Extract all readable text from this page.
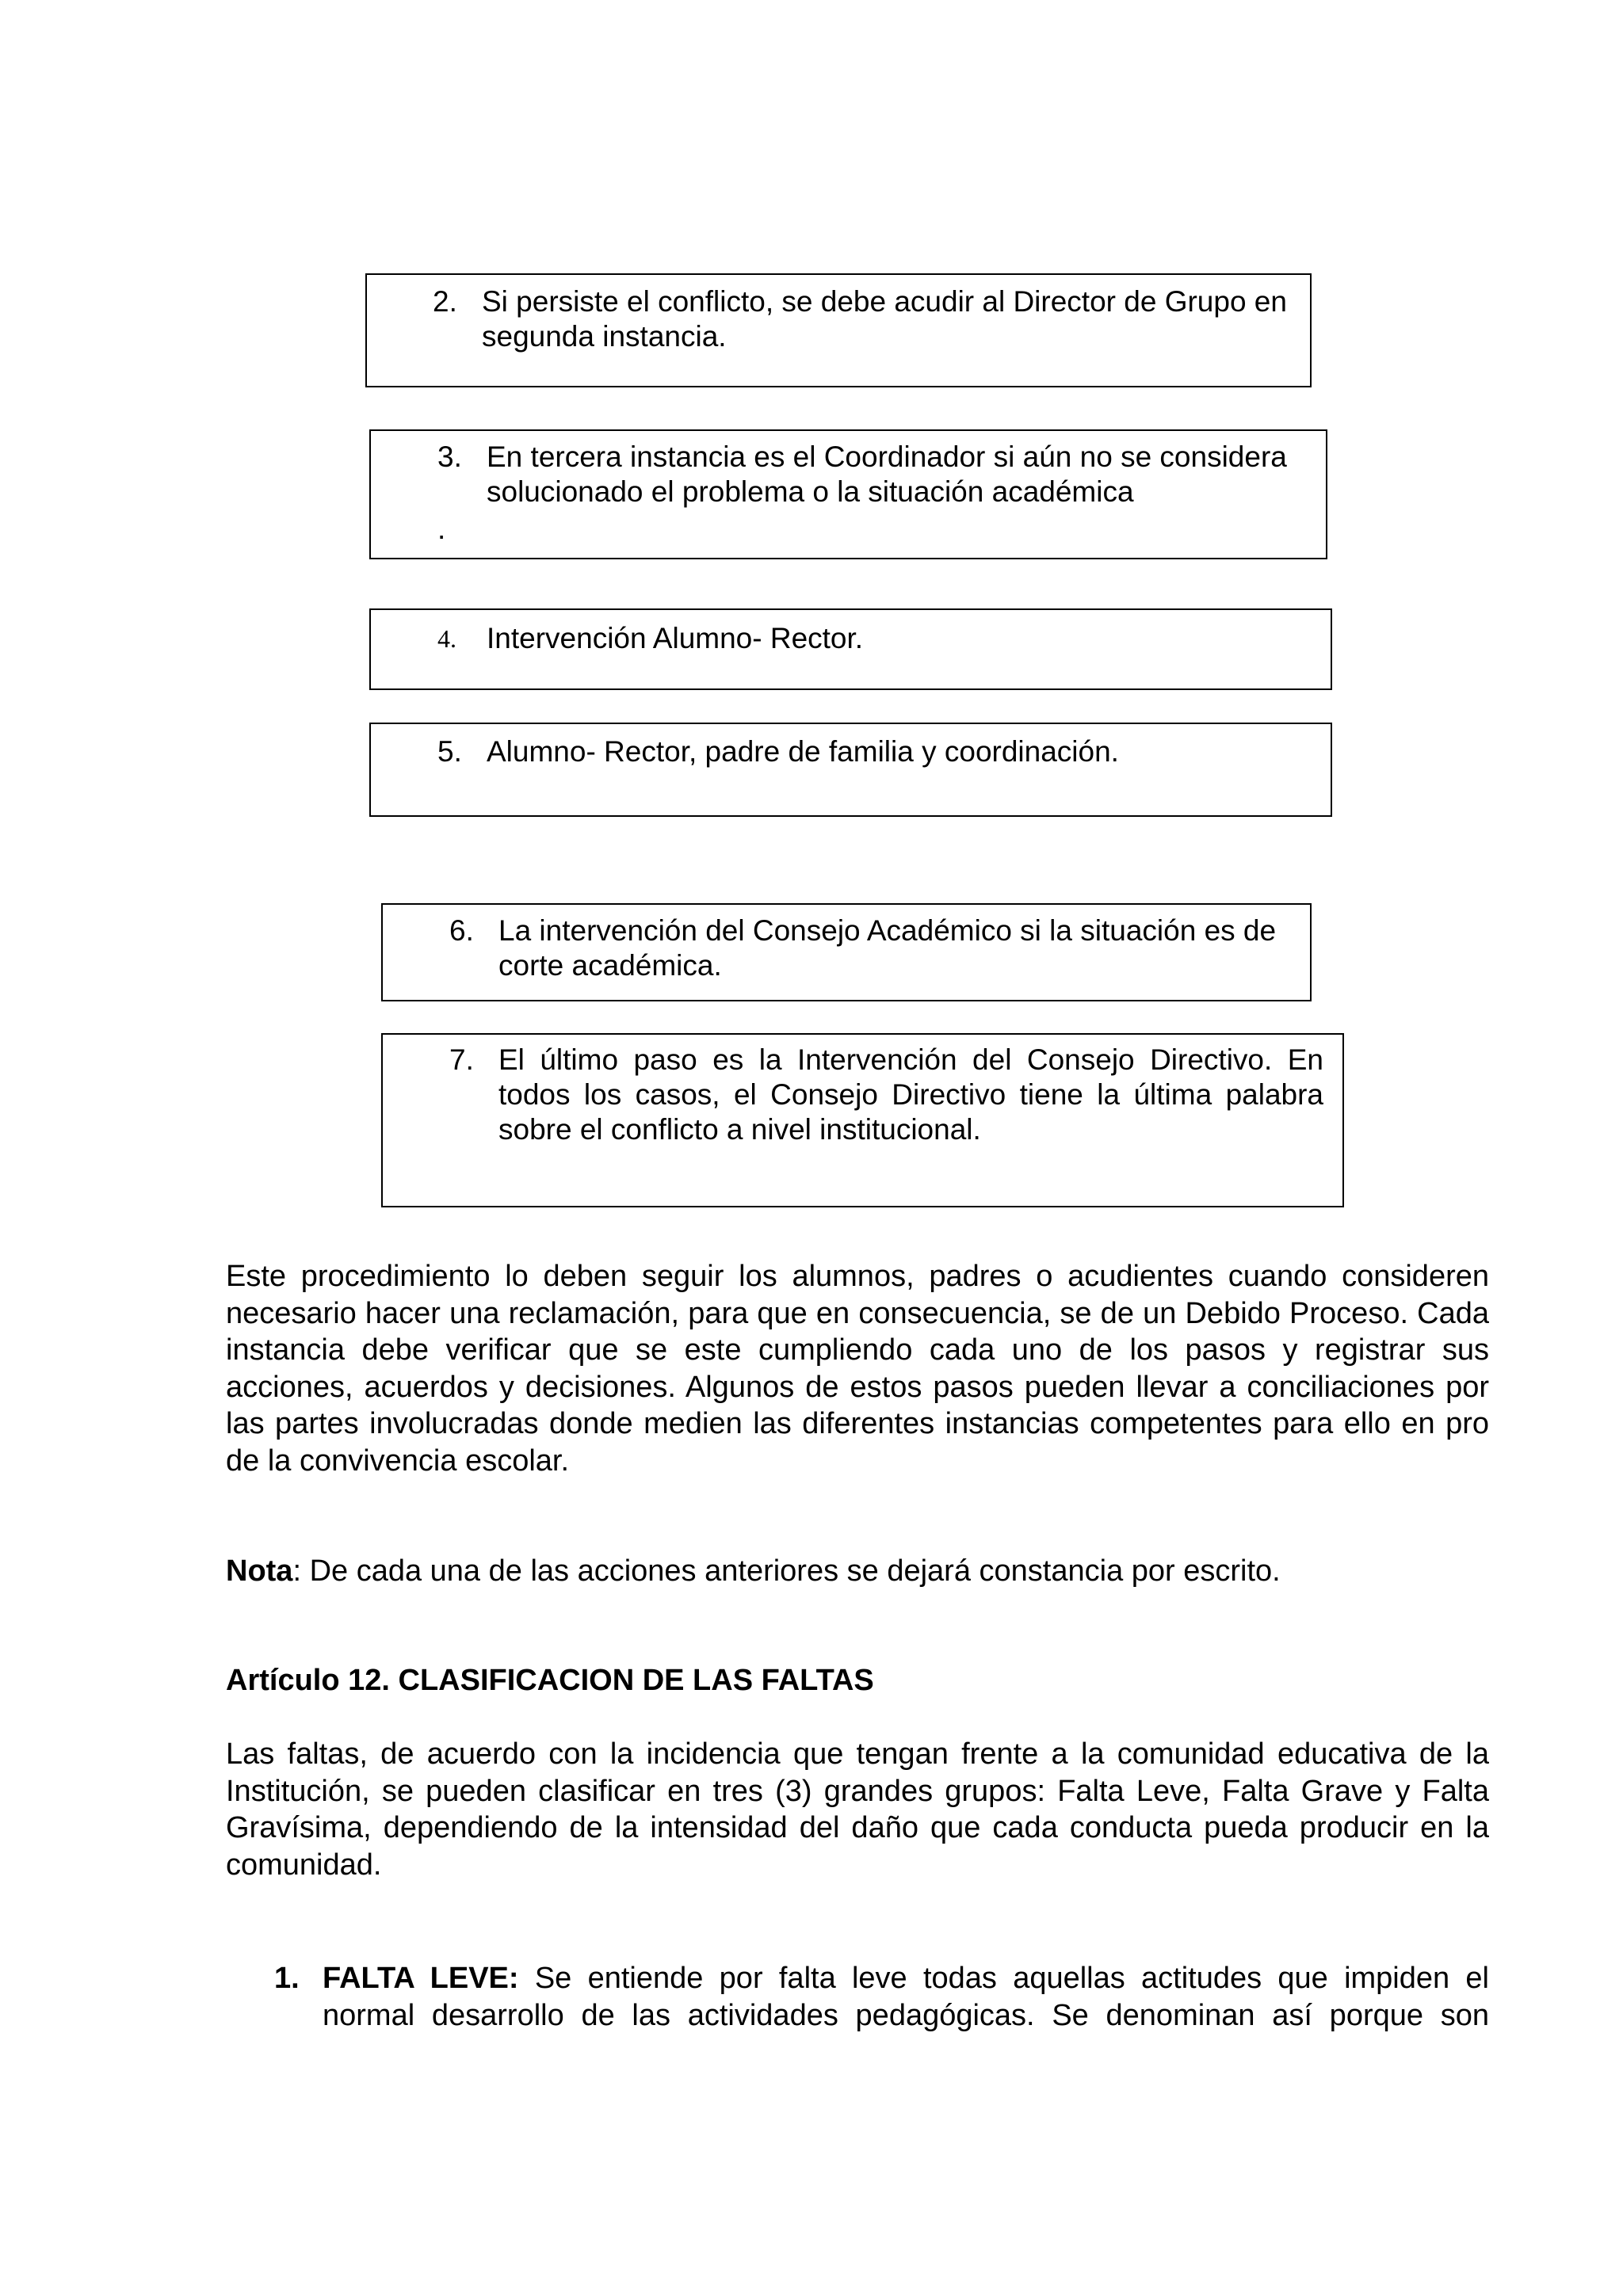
2. Si persiste el conflicto, se debe acudir al Director de Grupo en segunda instancia.
3. En tercera instancia es el Coordinador si aún no se considera solucionado el problema o la situación académica
.
4. Intervención Alumno- Rector.
5. Alumno- Rector, padre de familia y coordinación.
6. La intervención del Consejo Académico si la situación es de corte académica.
7. El último paso es la Intervención del Consejo Directivo. En todos los casos, el Consejo Directivo tiene la última palabra sobre el conflicto a nivel institucional.

Este procedimiento lo deben seguir los alumnos, padres o acudientes cuando consideren necesario hacer una reclamación, para que en consecuencia, se de un Debido Proceso. Cada instancia debe verificar que se este cumpliendo cada uno de los pasos y registrar sus acciones, acuerdos y decisiones. Algunos de estos pasos pueden llevar a conciliaciones por las partes involucradas donde medien las diferentes instancias competentes para ello en pro de la convivencia escolar.

Nota: De cada una de las acciones anteriores se dejará constancia por escrito.

Artículo 12. CLASIFICACION DE LAS FALTAS

Las faltas, de acuerdo con la incidencia que tengan frente a la comunidad educativa de la Institución, se pueden clasificar en tres (3) grandes grupos: Falta Leve, Falta Grave y Falta Gravísima, dependiendo de la intensidad del daño que cada conducta pueda producir en la comunidad.

1. FALTA LEVE: Se entiende por falta leve todas aquellas actitudes que impiden el normal desarrollo de las actividades pedagógicas. Se denominan así porque son
